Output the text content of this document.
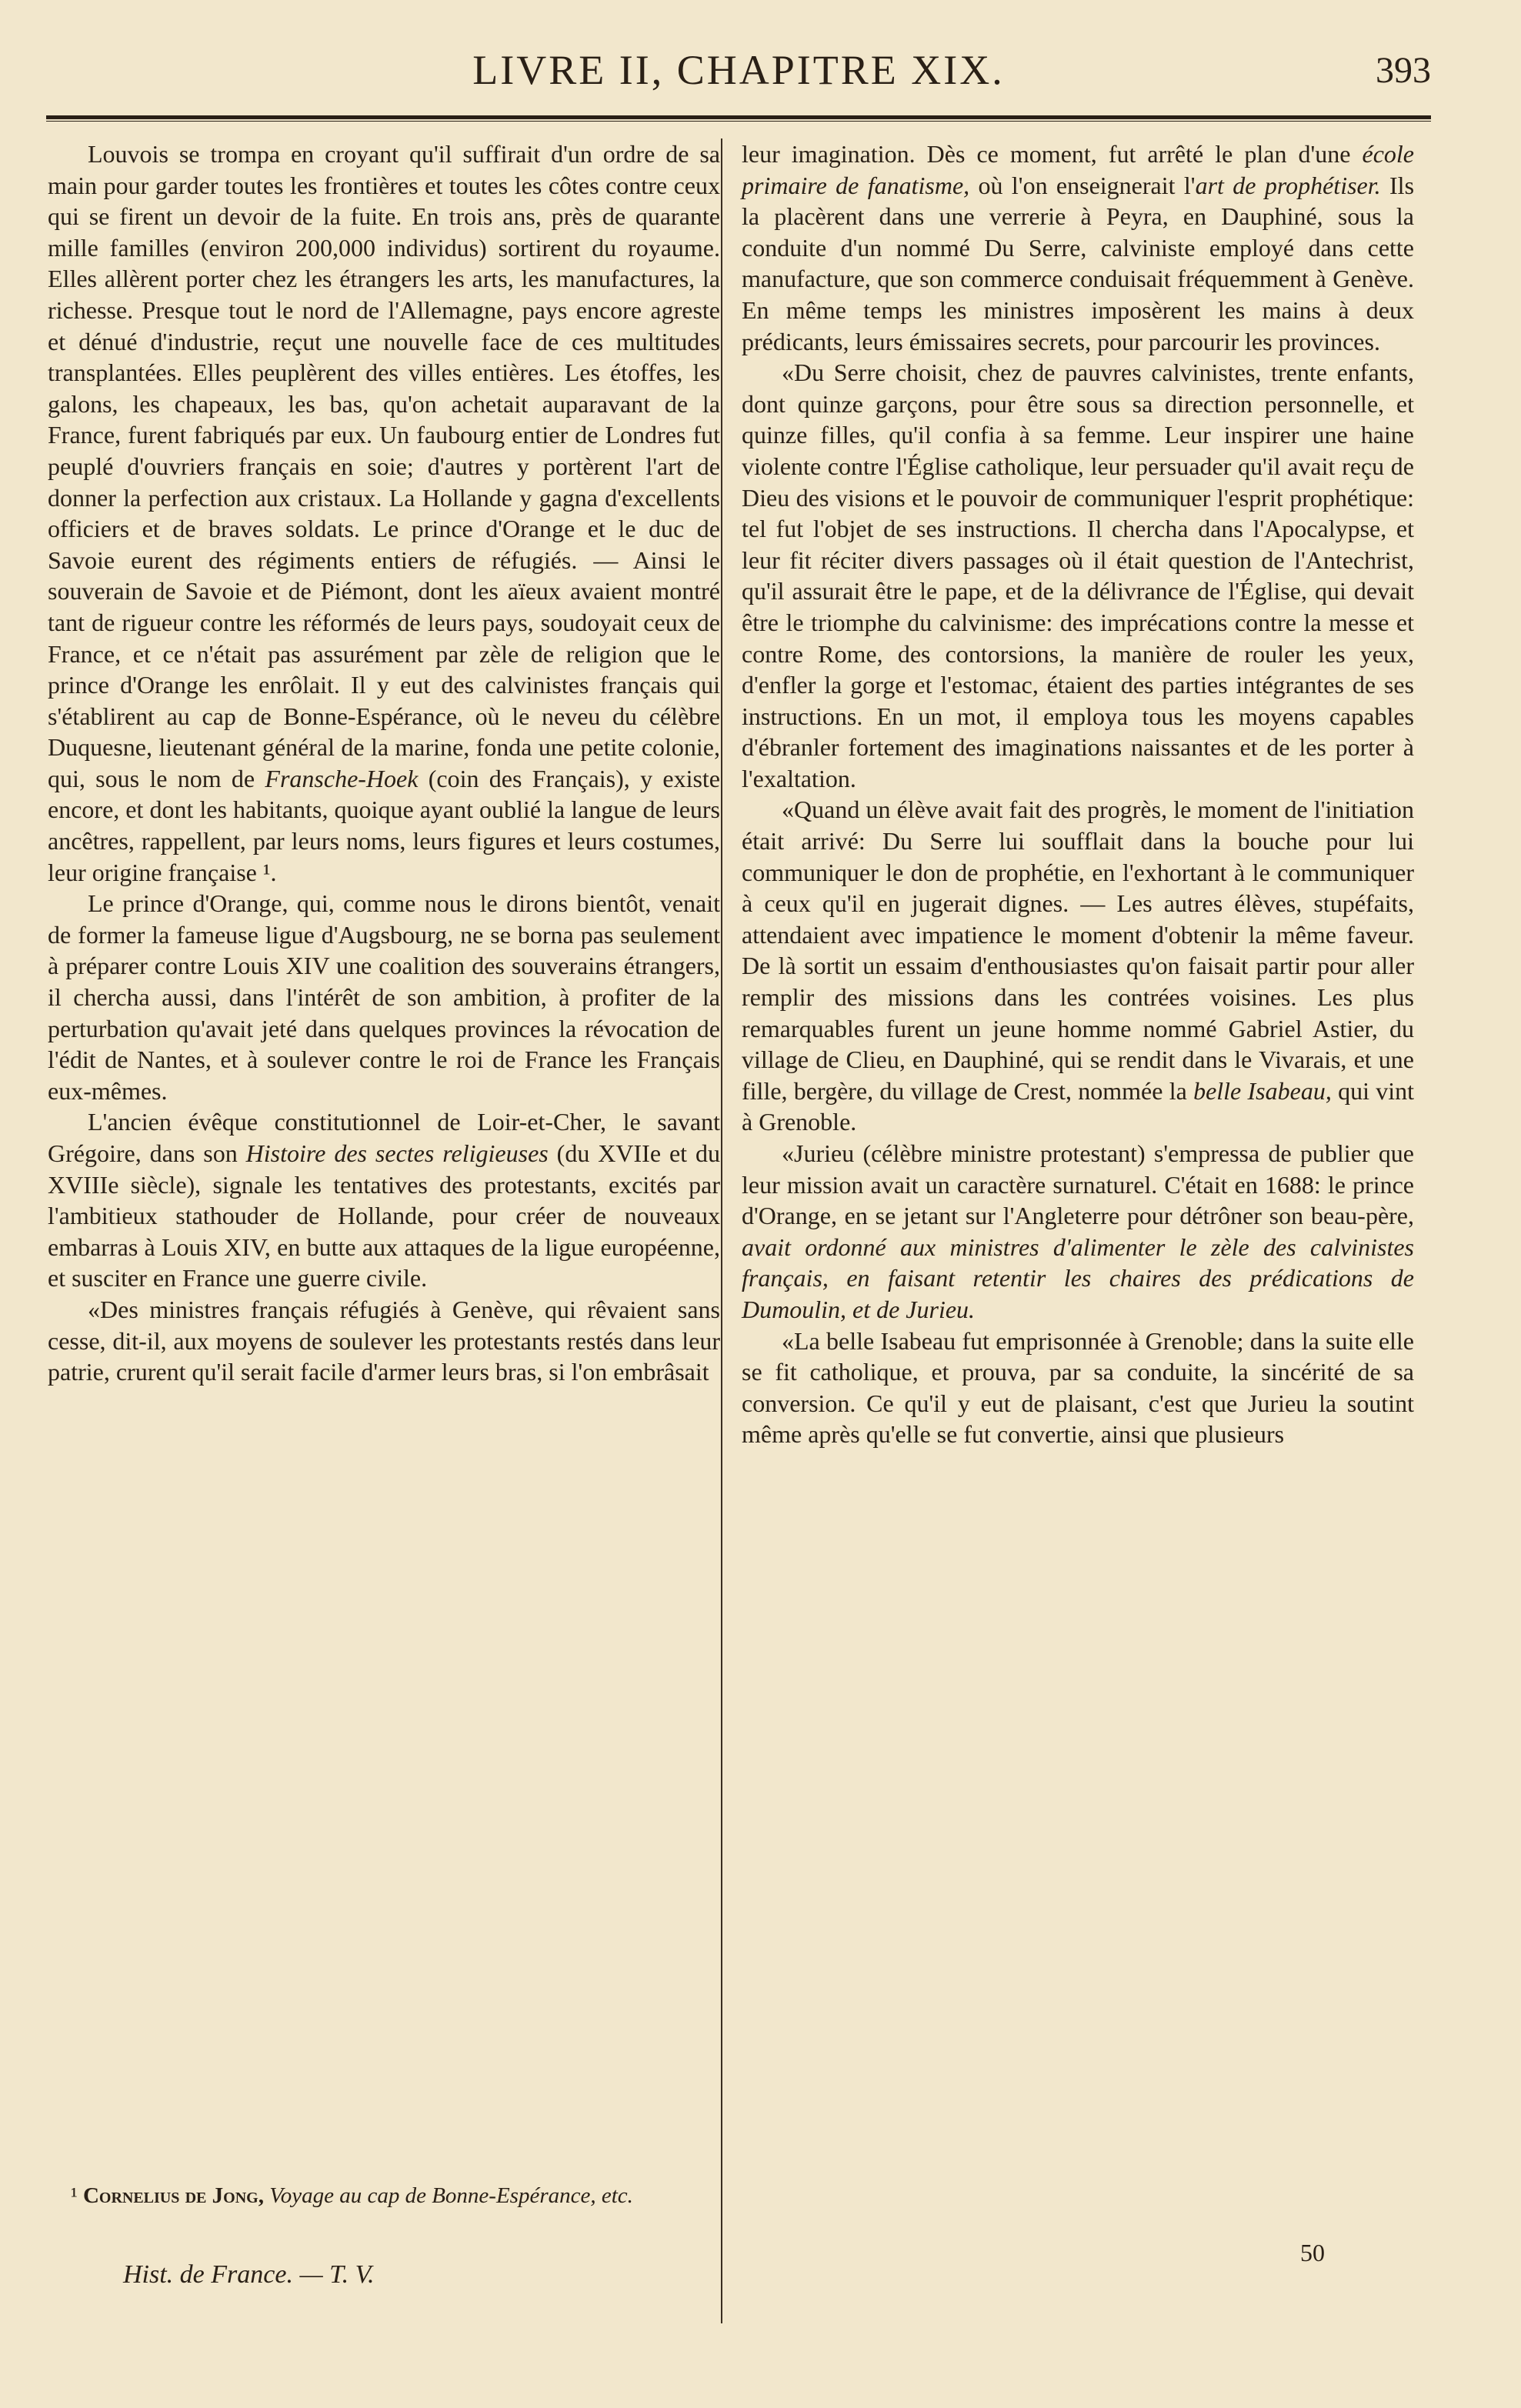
LIVRE II, CHAPITRE XIX.	393

Louvois se trompa en croyant qu'il suffirait d'un ordre de sa main pour garder toutes les frontières et toutes les côtes contre ceux qui se firent un devoir de la fuite. En trois ans, près de quarante mille familles (environ 200,000 individus) sortirent du royaume. Elles allèrent porter chez les étrangers les arts, les manufactures, la richesse. Presque tout le nord de l'Allemagne, pays encore agreste et dénué d'industrie, reçut une nouvelle face de ces multitudes transplantées. Elles peuplèrent des villes entières. Les étoffes, les galons, les chapeaux, les bas, qu'on achetait auparavant de la France, furent fabriqués par eux. Un faubourg entier de Londres fut peuplé d'ouvriers français en soie; d'autres y portèrent l'art de donner la perfection aux cristaux. La Hollande y gagna d'excellents officiers et de braves soldats. Le prince d'Orange et le duc de Savoie eurent des régiments entiers de réfugiés. — Ainsi le souverain de Savoie et de Piémont, dont les aïeux avaient montré tant de rigueur contre les réformés de leurs pays, soudoyait ceux de France, et ce n'était pas assurément par zèle de religion que le prince d'Orange les enrôlait. Il y eut des calvinistes français qui s'établirent au cap de Bonne-Espérance, où le neveu du célèbre Duquesne, lieutenant général de la marine, fonda une petite colonie, qui, sous le nom de Fransche-Hoek (coin des Français), y existe encore, et dont les habitants, quoique ayant oublié la langue de leurs ancêtres, rappellent, par leurs noms, leurs figures et leurs costumes, leur origine française ¹.

Le prince d'Orange, qui, comme nous le dirons bientôt, venait de former la fameuse ligue d'Augsbourg, ne se borna pas seulement à préparer contre Louis XIV une coalition des souverains étrangers, il chercha aussi, dans l'intérêt de son ambition, à profiter de la perturbation qu'avait jeté dans quelques provinces la révocation de l'édit de Nantes, et à soulever contre le roi de France les Français eux-mêmes.

L'ancien évêque constitutionnel de Loir-et-Cher, le savant Grégoire, dans son Histoire des sectes religieuses (du XVIIe et du XVIIIe siècle), signale les tentatives des protestants, excités par l'ambitieux stathouder de Hollande, pour créer de nouveaux embarras à Louis XIV, en butte aux attaques de la ligue européenne, et susciter en France une guerre civile.

«Des ministres français réfugiés à Genève, qui rêvaient sans cesse, dit-il, aux moyens de soulever les protestants restés dans leur patrie, crurent qu'il serait facile d'armer leurs bras, si l'on embrâsait

leur imagination. Dès ce moment, fut arrêté le plan d'une école primaire de fanatisme, où l'on enseignerait l'art de prophétiser. Ils la placèrent dans une verrerie à Peyra, en Dauphiné, sous la conduite d'un nommé Du Serre, calviniste employé dans cette manufacture, que son commerce conduisait fréquemment à Genève. En même temps les ministres imposèrent les mains à deux prédicants, leurs émissaires secrets, pour parcourir les provinces.

«Du Serre choisit, chez de pauvres calvinistes, trente enfants, dont quinze garçons, pour être sous sa direction personnelle, et quinze filles, qu'il confia à sa femme. Leur inspirer une haine violente contre l'Église catholique, leur persuader qu'il avait reçu de Dieu des visions et le pouvoir de communiquer l'esprit prophétique: tel fut l'objet de ses instructions. Il chercha dans l'Apocalypse, et leur fit réciter divers passages où il était question de l'Antechrist, qu'il assurait être le pape, et de la délivrance de l'Église, qui devait être le triomphe du calvinisme: des imprécations contre la messe et contre Rome, des contorsions, la manière de rouler les yeux, d'enfler la gorge et l'estomac, étaient des parties intégrantes de ses instructions. En un mot, il employa tous les moyens capables d'ébranler fortement des imaginations naissantes et de les porter à l'exaltation.

«Quand un élève avait fait des progrès, le moment de l'initiation était arrivé: Du Serre lui soufflait dans la bouche pour lui communiquer le don de prophétie, en l'exhortant à le communiquer à ceux qu'il en jugerait dignes. — Les autres élèves, stupéfaits, attendaient avec impatience le moment d'obtenir la même faveur. De là sortit un essaim d'enthousiastes qu'on faisait partir pour aller remplir des missions dans les contrées voisines. Les plus remarquables furent un jeune homme nommé Gabriel Astier, du village de Clieu, en Dauphiné, qui se rendit dans le Vivarais, et une fille, bergère, du village de Crest, nommée la belle Isabeau, qui vint à Grenoble.

«Jurieu (célèbre ministre protestant) s'empressa de publier que leur mission avait un caractère surnaturel. C'était en 1688: le prince d'Orange, en se jetant sur l'Angleterre pour détrôner son beau-père, avait ordonné aux ministres d'alimenter le zèle des calvinistes français, en faisant retentir les chaires des prédications de Dumoulin, et de Jurieu.

«La belle Isabeau fut emprisonnée à Grenoble; dans la suite elle se fit catholique, et prouva, par sa conduite, la sincérité de sa conversion. Ce qu'il y eut de plaisant, c'est que Jurieu la soutint même après qu'elle se fut convertie, ainsi que plusieurs

¹ Cornelius de Jong, Voyage au cap de Bonne-Espérance, etc.

Hist. de France. — T. V.
50
